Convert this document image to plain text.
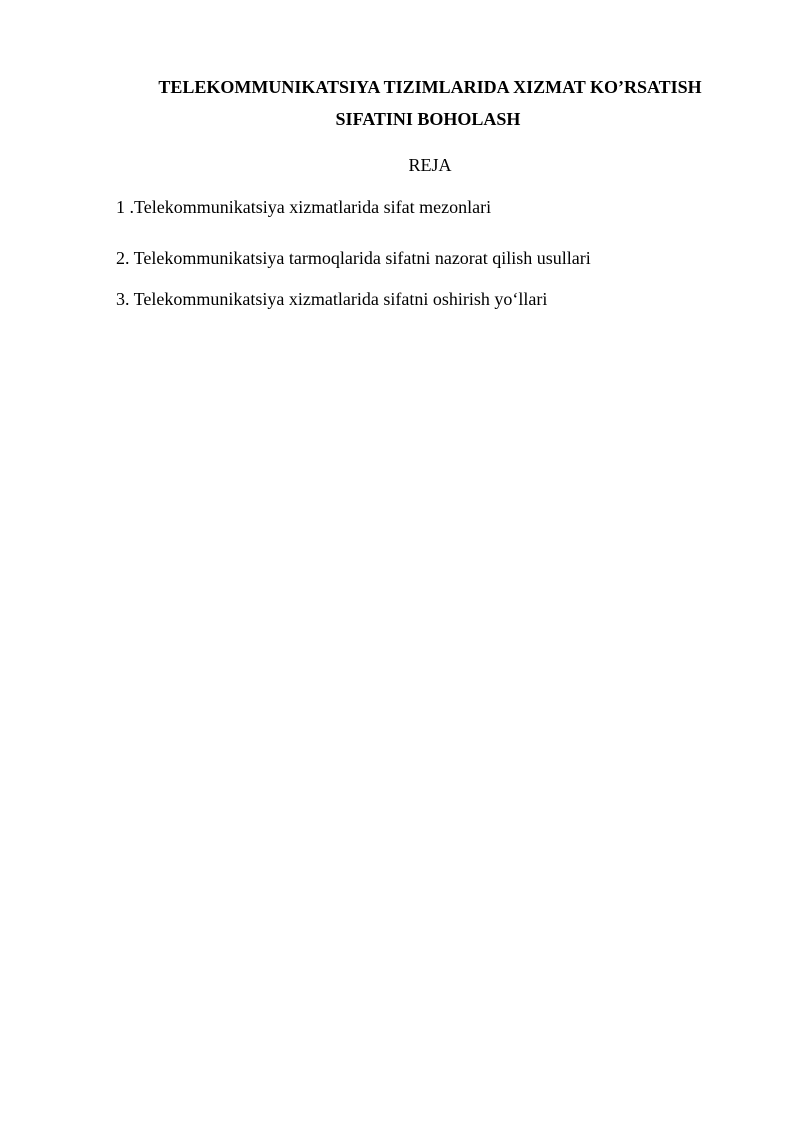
TELEKOMMUNIKATSIYA TIZIMLARIDA XIZMAT KO’RSATISH
SIFATINI BOHOLASH
REJA
1 .Telekommunikatsiya xizmatlarida sifat mezonlari
2. Telekommunikatsiya tarmoqlarida sifatni nazorat qilish usullari
3. Telekommunikatsiya xizmatlarida sifatni oshirish yo‘llari
